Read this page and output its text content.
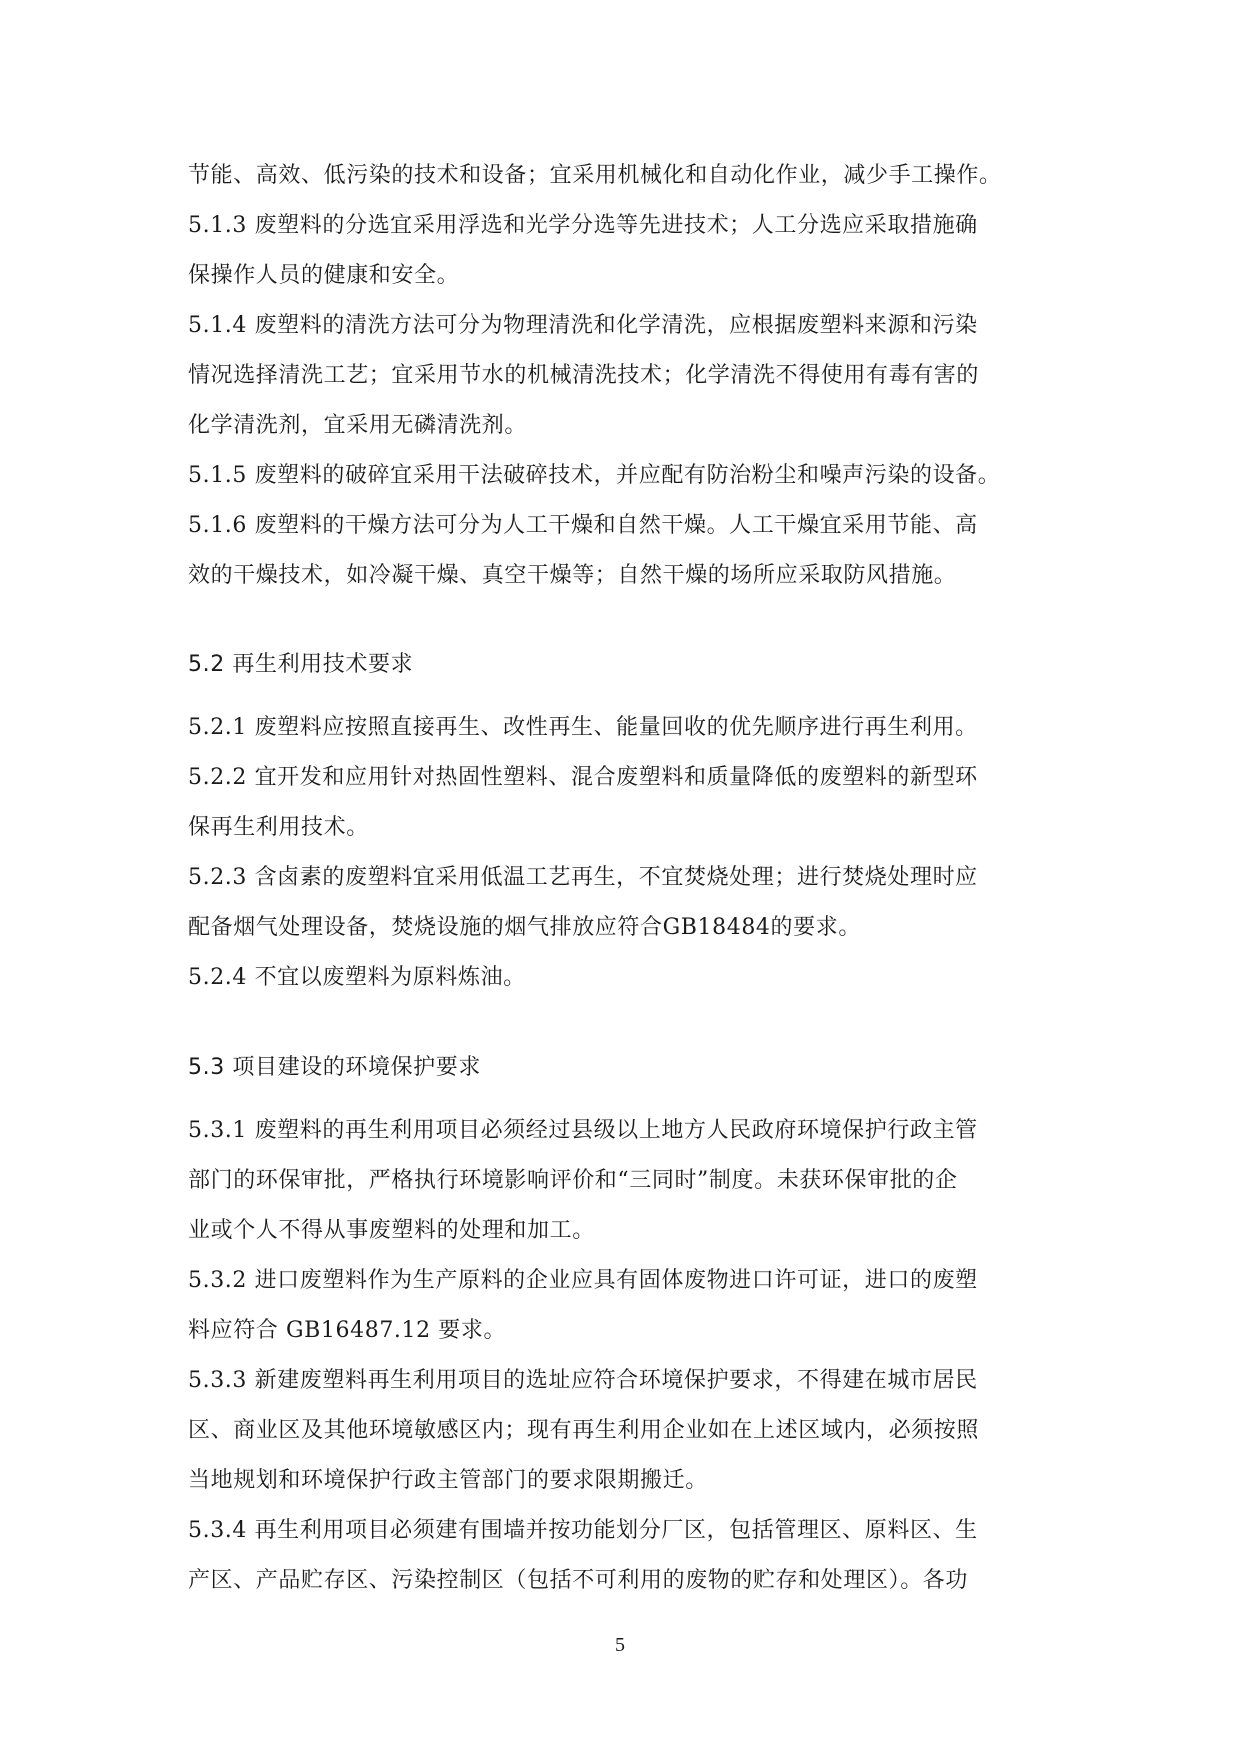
节能、高效、低污染的技术和设备；宜采用机械化和自动化作业，减少手工操作。
5.1.3 废塑料的分选宜采用浮选和光学分选等先进技术；人工分选应采取措施确
保操作人员的健康和安全。
5.1.4 废塑料的清洗方法可分为物理清洗和化学清洗，应根据废塑料来源和污染
情况选择清洗工艺；宜采用节水的机械清洗技术；化学清洗不得使用有毒有害的
化学清洗剂，宜采用无磷清洗剂。
5.1.5 废塑料的破碎宜采用干法破碎技术，并应配有防治粉尘和噪声污染的设备。
5.1.6 废塑料的干燥方法可分为人工干燥和自然干燥。人工干燥宜采用节能、高
效的干燥技术，如冷凝干燥、真空干燥等；自然干燥的场所应采取防风措施。
5.2 再生利用技术要求
5.2.1 废塑料应按照直接再生、改性再生、能量回收的优先顺序进行再生利用。
5.2.2 宜开发和应用针对热固性塑料、混合废塑料和质量降低的废塑料的新型环
保再生利用技术。
5.2.3 含卤素的废塑料宜采用低温工艺再生，不宜焚烧处理；进行焚烧处理时应
配备烟气处理设备，焚烧设施的烟气排放应符合GB18484的要求。
5.2.4 不宜以废塑料为原料炼油。
5.3 项目建设的环境保护要求
5.3.1 废塑料的再生利用项目必须经过县级以上地方人民政府环境保护行政主管
部门的环保审批，严格执行环境影响评价和“三同时”制度。未获环保审批的企
业或个人不得从事废塑料的处理和加工。
5.3.2 进口废塑料作为生产原料的企业应具有固体废物进口许可证，进口的废塑
料应符合 GB16487.12 要求。
5.3.3 新建废塑料再生利用项目的选址应符合环境保护要求，不得建在城市居民
区、商业区及其他环境敏感区内；现有再生利用企业如在上述区域内，必须按照
当地规划和环境保护行政主管部门的要求限期搬迁。
5.3.4 再生利用项目必须建有围墙并按功能划分厂区，包括管理区、原料区、生
产区、产品贮存区、污染控制区（包括不可利用的废物的贮存和处理区）。各功
5
